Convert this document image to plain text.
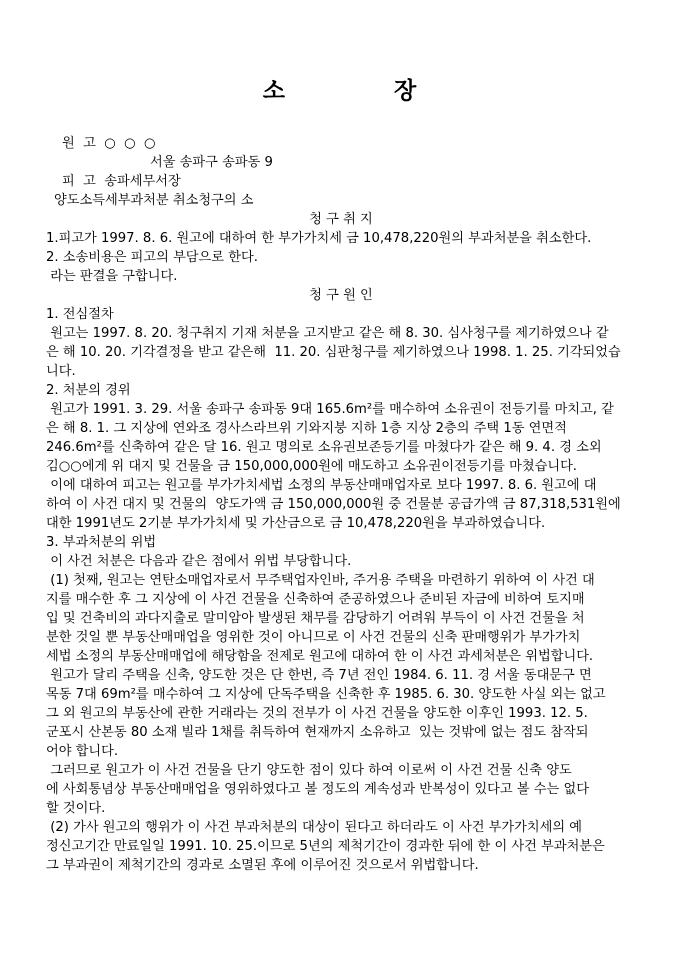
소            장
원  고  ○  ○  ○
서울 송파구 송파동 9
피  고  송파세무서장
양도소득세부과처분 취소청구의 소
청 구 취 지
1.피고가 1997. 8. 6. 원고에 대하여 한 부가가치세 금 10,478,220원의 부과처분을 취소한다.
2. 소송비용은 피고의 부담으로 한다.
라는 판결을 구합니다.
청 구 원 인
1. 전심절차
원고는 1997. 8. 20. 청구취지 기재 처분을 고지받고 같은 해 8. 30. 심사청구를 제기하였으나 같
은 해 10. 20. 기각결정을 받고 같은해  11. 20. 심판청구를 제기하였으나 1998. 1. 25. 기각되었습
니다.
2. 처분의 경위
원고가 1991. 3. 29. 서울 송파구 송파동 9대 165.6m²를 매수하여 소유권이 전등기를 마치고, 같
은 해 8. 1. 그 지상에 연와조 경사스라브위 기와지붕 지하 1층 지상 2층의 주택 1동 연면적
246.6m²를 신축하여 같은 달 16. 원고 명의로 소유권보존등기를 마쳤다가 같은 해 9. 4. 경 소외
김○○에게 위 대지 및 건물을 금 150,000,000원에 매도하고 소유권이전등기를 마쳤습니다.
이에 대하여 피고는 원고를 부가가치세법 소정의 부동산매매업자로 보다 1997. 8. 6. 원고에 대
하여 이 사건 대지 및 건물의  양도가액 금 150,000,000원 중 건물분 공급가액 금 87,318,531원에
대한 1991년도 2기분 부가가치세 및 가산금으로 금 10,478,220원을 부과하였습니다.
3. 부과처분의 위법
이 사건 처분은 다음과 같은 점에서 위법 부당합니다.
(1) 첫째, 원고는 연탄소매업자로서 무주택업자인바, 주거용 주택을 마련하기 위하여 이 사건 대
지를 매수한 후 그 지상에 이 사건 건물을 신축하여 준공하였으나 준비된 자금에 비하여 토지매
입 및 건축비의 과다지출로 말미암아 발생된 채무를 감당하기 어려워 부득이 이 사건 건물을 처
분한 것일 뿐 부동산매매업을 영위한 것이 아니므로 이 사건 건물의 신축 판매행위가 부가가치
세법 소정의 부동산매매업에 해당함을 전제로 원고에 대하여 한 이 사건 과세처분은 위법합니다.
원고가 달리 주택을 신축, 양도한 것은 단 한번, 즉 7년 전인 1984. 6. 11. 경 서울 동대문구 면
목동 7대 69m²를 매수하여 그 지상에 단독주택을 신축한 후 1985. 6. 30. 양도한 사실 외는 없고
그 외 원고의 부동산에 관한 거래라는 것의 전부가 이 사건 건물을 양도한 이후인 1993. 12. 5.
군포시 산본동 80 소재 빌라 1채를 취득하여 현재까지 소유하고  있는 것밖에 없는 점도 참작되
어야 합니다.
그러므로 원고가 이 사건 건물을 단기 양도한 점이 있다 하여 이로써 이 사건 건물 신축 양도
에 사회통념상 부동산매매업을 영위하였다고 볼 정도의 계속성과 반복성이 있다고 볼 수는 없다
할 것이다.
(2) 가사 원고의 행위가 이 사건 부과처분의 대상이 된다고 하더라도 이 사건 부가가치세의 예
정신고기간 만료일일 1991. 10. 25.이므로 5년의 제척기간이 경과한 뒤에 한 이 사건 부과처분은
그 부과권이 제척기간의 경과로 소멸된 후에 이루어진 것으로서 위법합니다.
